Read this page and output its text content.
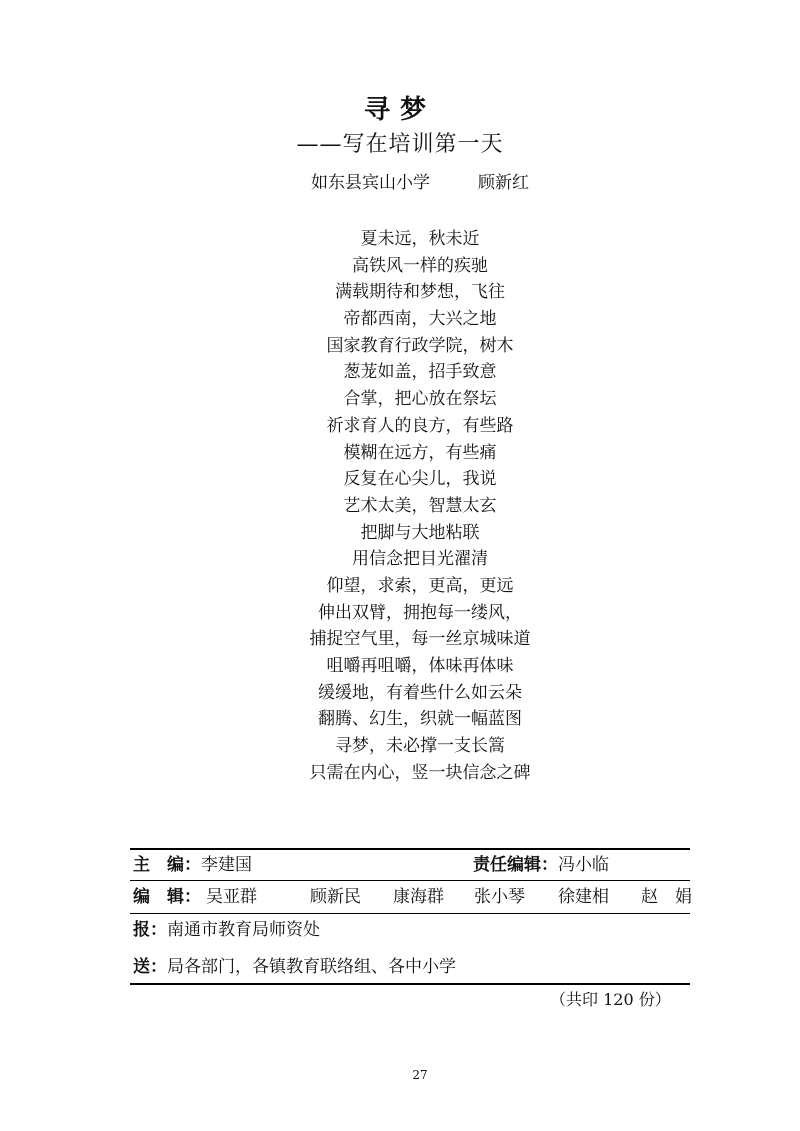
寻梦
——写在培训第一天
如东县宾山小学	顾新红
夏未远，秋未近
高铁风一样的疾驰
满载期待和梦想，飞往
帝都西南，大兴之地
国家教育行政学院，树木
葱茏如盖，招手致意
合掌，把心放在祭坛
祈求育人的良方，有些路
模糊在远方，有些痛
反复在心尖儿，我说
艺术太美，智慧太玄
把脚与大地粘联
用信念把目光濯清
仰望，求索，更高，更远
伸出双臂，拥抱每一缕风，
捕捉空气里，每一丝京城味道
咀嚼再咀嚼，体味再体味
缓缓地，有着些什么如云朵
翻腾、幻生，织就一幅蓝图
寻梦，未必撑一支长篙
只需在内心，竖一块信念之碑
主　编：李建国	责任编辑：冯小临
编　辑： 吴亚群	顾新民 康海群 张小琴 徐建相 赵　娟
报：南通市教育局师资处
送：局各部门，各镇教育联络组、各中小学
（共印 120 份）
27
